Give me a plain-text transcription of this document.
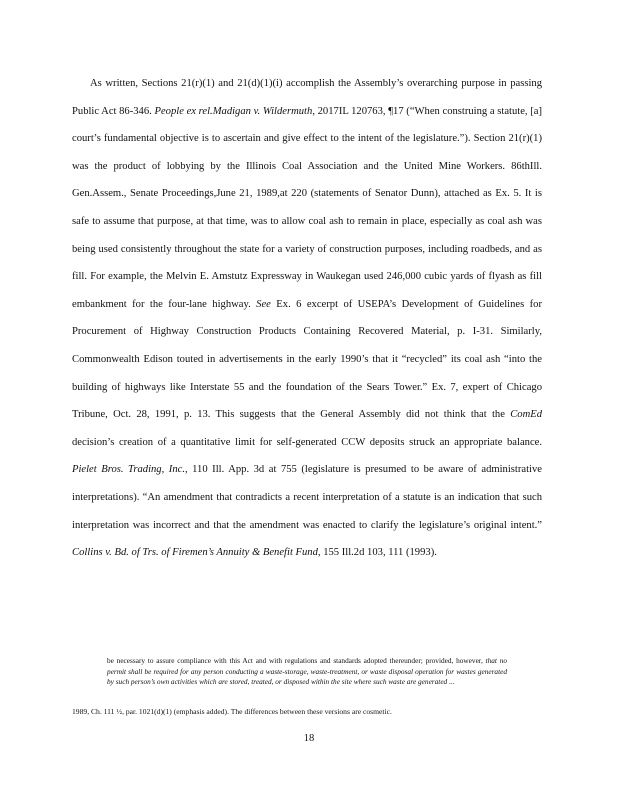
As written, Sections 21(r)(1) and 21(d)(1)(i) accomplish the Assembly’s overarching purpose in passing Public Act 86-346. People ex rel.Madigan v. Wildermuth, 2017IL 120763, ¶17 (“When construing a statute, [a] court’s fundamental objective is to ascertain and give effect to the intent of the legislature.”). Section 21(r)(1) was the product of lobbying by the Illinois Coal Association and the United Mine Workers. 86thIll. Gen.Assem., Senate Proceedings,June 21, 1989,at 220 (statements of Senator Dunn), attached as Ex. 5. It is safe to assume that purpose, at that time, was to allow coal ash to remain in place, especially as coal ash was being used consistently throughout the state for a variety of construction purposes, including roadbeds, and as fill. For example, the Melvin E. Amstutz Expressway in Waukegan used 246,000 cubic yards of flyash as fill embankment for the four-lane highway. See Ex. 6 excerpt of USEPA’s Development of Guidelines for Procurement of Highway Construction Products Containing Recovered Material, p. I-31. Similarly, Commonwealth Edison touted in advertisements in the early 1990’s that it “recycled” its coal ash “into the building of highways like Interstate 55 and the foundation of the Sears Tower.” Ex. 7, expert of Chicago Tribune, Oct. 28, 1991, p. 13. This suggests that the General Assembly did not think that the ComEd decision’s creation of a quantitative limit for self-generated CCW deposits struck an appropriate balance. Pielet Bros. Trading, Inc., 110 Ill. App. 3d at 755 (legislature is presumed to be aware of administrative interpretations). “An amendment that contradicts a recent interpretation of a statute is an indication that such interpretation was incorrect and that the amendment was enacted to clarify the legislature’s original intent.” Collins v. Bd. of Trs. of Firemen’s Annuity & Benefit Fund, 155 Ill.2d 103, 111 (1993).

be necessary to assure compliance with this Act and with regulations and standards adopted thereunder; provided, however, that no permit shall be required for any person conducting a waste-storage, waste-treatment, or waste disposal operation for wastes generated by such person’s own activities which are stored, treated, or disposed within the site where such waste are generated ...
1989, Ch. 111 ½, par. 1021(d)(1) (emphasis added). The differences between these versions are cosmetic.
18
